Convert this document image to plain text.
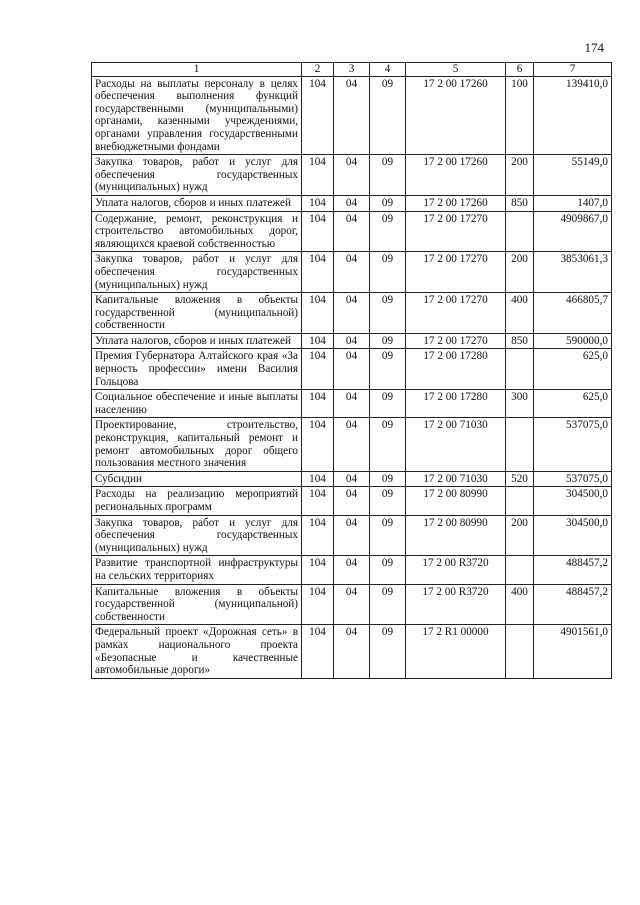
174
1	2	3	4	5	6	7
Расходы на выплаты персоналу в целях обеспечения выполнения функций государственными (муниципальными) органами, казенными учреждениями, органами управления государственными внебюджетными фондами	104	04	09	17 2 00 17260	100	139410,0
Закупка товаров, работ и услуг для обеспечения государственных (муниципальных) нужд	104	04	09	17 2 00 17260	200	55149,0
Уплата налогов, сборов и иных платежей	104	04	09	17 2 00 17260	850	1407,0
Содержание, ремонт, реконструкция и строительство автомобильных дорог, являющихся краевой собственностью	104	04	09	17 2 00 17270		4909867,0
Закупка товаров, работ и услуг для обеспечения государственных (муниципальных) нужд	104	04	09	17 2 00 17270	200	3853061,3
Капитальные вложения в объекты государственной (муниципальной) собственности	104	04	09	17 2 00 17270	400	466805,7
Уплата налогов, сборов и иных платежей	104	04	09	17 2 00 17270	850	590000,0
Премия Губернатора Алтайского края «За верность профессии» имени Василия Гольцова	104	04	09	17 2 00 17280		625,0
Социальное обеспечение и иные выплаты населению	104	04	09	17 2 00 17280	300	625,0
Проектирование, строительство, реконструкция, капитальный ремонт и ремонт автомобильных дорог общего пользования местного значения	104	04	09	17 2 00 71030		537075,0
Субсидии	104	04	09	17 2 00 71030	520	537075,0
Расходы на реализацию мероприятий региональных программ	104	04	09	17 2 00 80990		304500,0
Закупка товаров, работ и услуг для обеспечения государственных (муниципальных) нужд	104	04	09	17 2 00 80990	200	304500,0
Развитие транспортной инфраструктуры на сельских территориях	104	04	09	17 2 00 R3720		488457,2
Капитальные вложения в объекты государственной (муниципальной) собственности	104	04	09	17 2 00 R3720	400	488457,2
Федеральный проект «Дорожная сеть» в рамках национального проекта «Безопасные и качественные автомобильные дороги»	104	04	09	17 2 R1 00000		4901561,0
